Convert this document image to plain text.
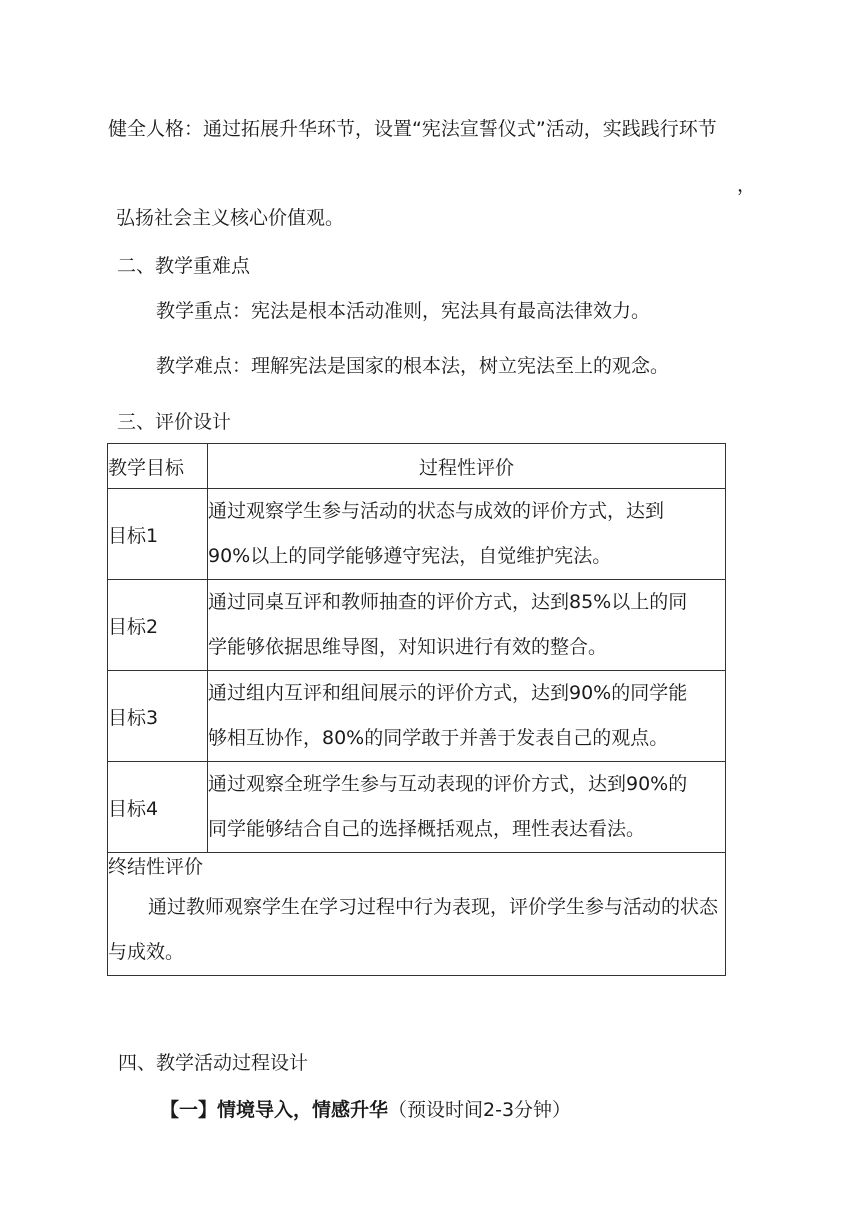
健全人格：通过拓展升华环节，设置“宪法宣誓仪式”活动，实践践行环节
，
弘扬社会主义核心价值观。
二、教学重难点
教学重点：宪法是根本活动准则，宪法具有最高法律效力。
教学难点：理解宪法是国家的根本法，树立宪法至上的观念。
三、评价设计
教学目标	过程性评价
目标1	通过观察学生参与活动的状态与成效的评价方式，达到
90%以上的同学能够遵守宪法，自觉维护宪法。

目标2	通过同桌互评和教师抽查的评价方式，达到85%以上的同
学能够依据思维导图，对知识进行有效的整合。

目标3	通过组内互评和组间展示的评价方式，达到90%的同学能
够相互协作，80%的同学敢于并善于发表自己的观点。

目标4	通过观察全班学生参与互动表现的评价方式，达到90%的
同学能够结合自己的选择概括观点，理性表达看法。

终结性评价
通过教师观察学生在学习过程中行为表现，评价学生参与活动的状态与成效。	
四、教学活动过程设计
【一】情境导入，情感升华（预设时间2-3分钟）
